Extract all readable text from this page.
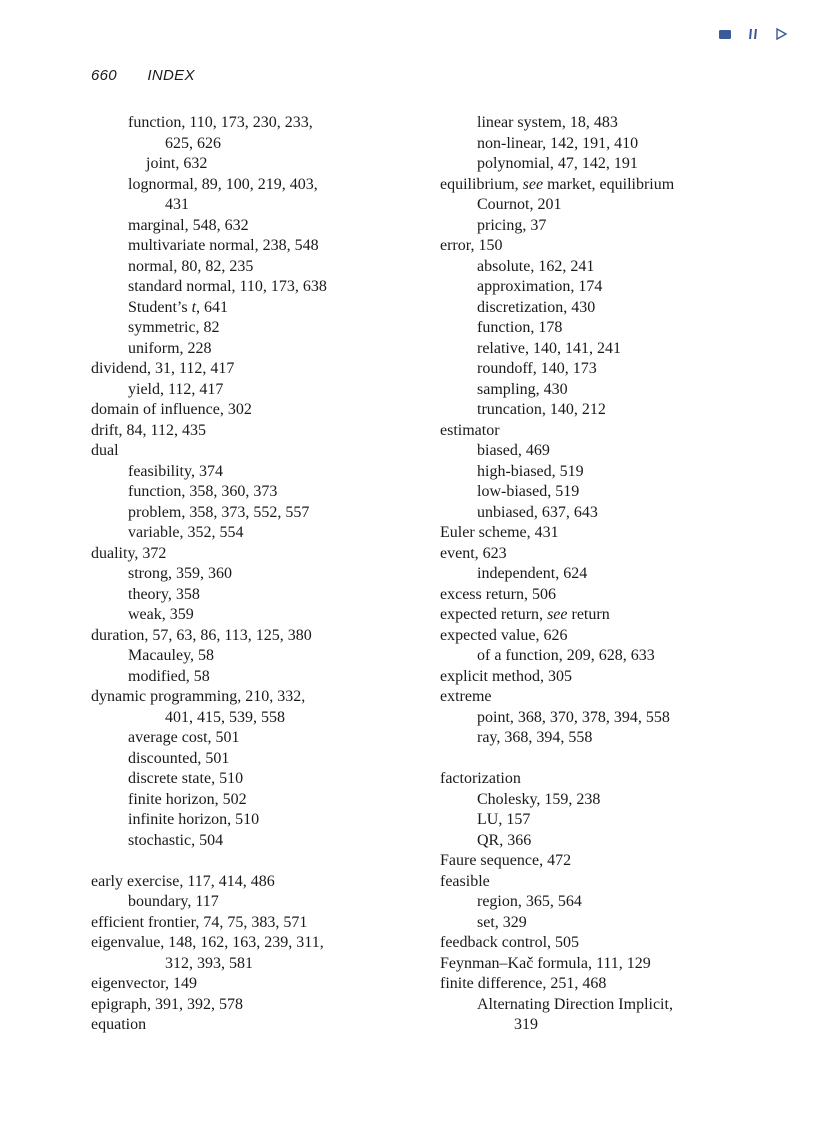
660 INDEX
function, 110, 173, 230, 233,
625, 626
joint, 632
lognormal, 89, 100, 219, 403,
431
marginal, 548, 632
multivariate normal, 238, 548
normal, 80, 82, 235
standard normal, 110, 173, 638
Student’s t, 641
symmetric, 82
uniform, 228
dividend, 31, 112, 417
yield, 112, 417
domain of influence, 302
drift, 84, 112, 435
dual
feasibility, 374
function, 358, 360, 373
problem, 358, 373, 552, 557
variable, 352, 554
duality, 372
strong, 359, 360
theory, 358
weak, 359
duration, 57, 63, 86, 113, 125, 380
Macauley, 58
modified, 58
dynamic programming, 210, 332,
401, 415, 539, 558
average cost, 501
discounted, 501
discrete state, 510
finite horizon, 502
infinite horizon, 510
stochastic, 504
early exercise, 117, 414, 486
boundary, 117
efficient frontier, 74, 75, 383, 571
eigenvalue, 148, 162, 163, 239, 311,
312, 393, 581
eigenvector, 149
epigraph, 391, 392, 578
equation
linear system, 18, 483
non-linear, 142, 191, 410
polynomial, 47, 142, 191
equilibrium, see market, equilibrium
Cournot, 201
pricing, 37
error, 150
absolute, 162, 241
approximation, 174
discretization, 430
function, 178
relative, 140, 141, 241
roundoff, 140, 173
sampling, 430
truncation, 140, 212
estimator
biased, 469
high-biased, 519
low-biased, 519
unbiased, 637, 643
Euler scheme, 431
event, 623
independent, 624
excess return, 506
expected return, see return
expected value, 626
of a function, 209, 628, 633
explicit method, 305
extreme
point, 368, 370, 378, 394, 558
ray, 368, 394, 558
factorization
Cholesky, 159, 238
LU, 157
QR, 366
Faure sequence, 472
feasible
region, 365, 564
set, 329
feedback control, 505
Feynman–Kač formula, 111, 129
finite difference, 251, 468
Alternating Direction Implicit,
319
